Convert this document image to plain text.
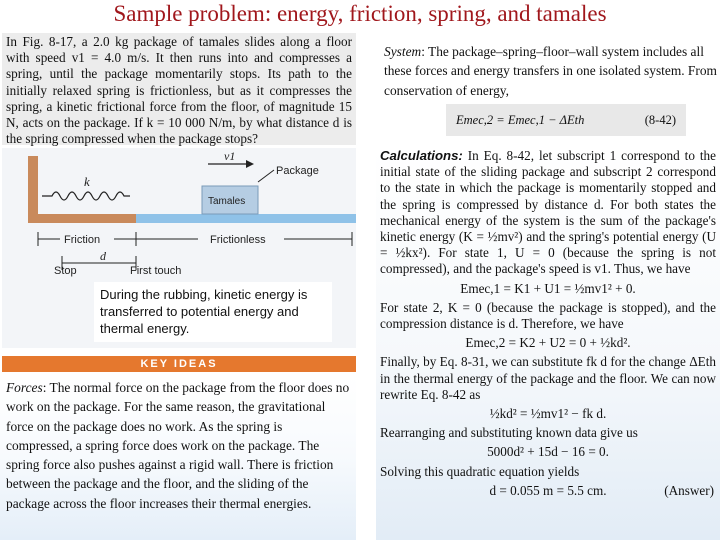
Sample problem: energy, friction, spring, and tamales
In Fig. 8-17, a 2.0 kg package of tamales slides along a floor with speed v1 = 4.0 m/s. It then runs into and compresses a spring, until the package momentarily stops. Its path to the initially relaxed spring is frictionless, but as it compresses the spring, a kinetic frictional force from the floor, of magnitude 15 N, acts on the package. If k = 10 000 N/m, by what distance d is the spring compressed when the package stops?
k
Tamales
v1
Package
Friction	Frictionless
d
Stop	First touch
During the rubbing, kinetic energy is transferred to potential energy and thermal energy.
KEY IDEAS
Forces: The normal force on the package from the floor does no work on the package. For the same reason, the gravitational force on the package does no work. As the spring is compressed, a spring force does work on the package. The spring force also pushes against a rigid wall. There is friction between the package and the floor, and the sliding of the package across the floor increases their thermal energies.
System: The package–spring–floor–wall system includes all these forces and energy transfers in one isolated system. From conservation of energy,
Emec,2 = Emec,1 − ΔEth	(8-42)

Calculations: In Eq. 8-42, let subscript 1 correspond to the initial state of the sliding package and subscript 2 correspond to the state in which the package is momentarily stopped and the spring is compressed by distance d. For both states the mechanical energy of the system is the sum of the package's kinetic energy (K = ½mv²) and the spring's potential energy (U = ½kx²). For state 1, U = 0 (because the spring is not compressed), and the package's speed is v1. Thus, we have

Emec,1 = K1 + U1 = ½mv1² + 0.

For state 2, K = 0 (because the package is stopped), and the compression distance is d. Therefore, we have

Emec,2 = K2 + U2 = 0 + ½kd².

Finally, by Eq. 8-31, we can substitute fk d for the change ΔEth in the thermal energy of the package and the floor. We can now rewrite Eq. 8-42 as

½kd² = ½mv1² − fk d.

Rearranging and substituting known data give us

5000d² + 15d − 16 = 0.

Solving this quadratic equation yields

d = 0.055 m = 5.5 cm.	(Answer)
